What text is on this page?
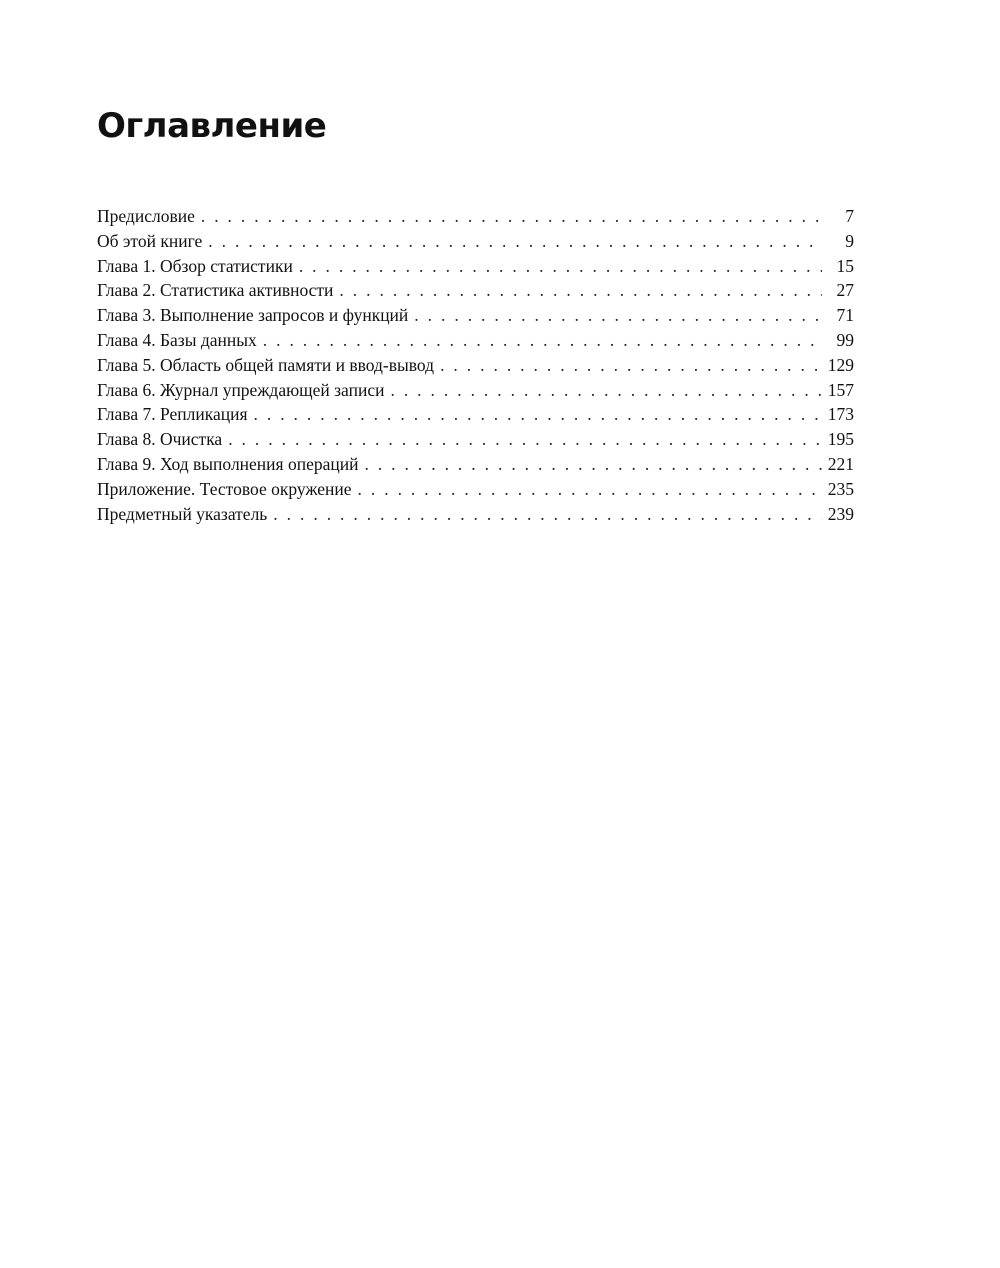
Оглавление
Предисловие . . .	7
Об этой книге . . .	9
Глава 1. Обзор статистики . . .	15
Глава 2. Статистика активности . . .	27
Глава 3. Выполнение запросов и функций . . .	71
Глава 4. Базы данных . . .	99
Глава 5. Область общей памяти и ввод-вывод . . .	129
Глава 6. Журнал упреждающей записи . . .	157
Глава 7. Репликация . . .	173
Глава 8. Очистка . . .	195
Глава 9. Ход выполнения операций . . .	221
Приложение. Тестовое окружение . . .	235
Предметный указатель . . .	239
